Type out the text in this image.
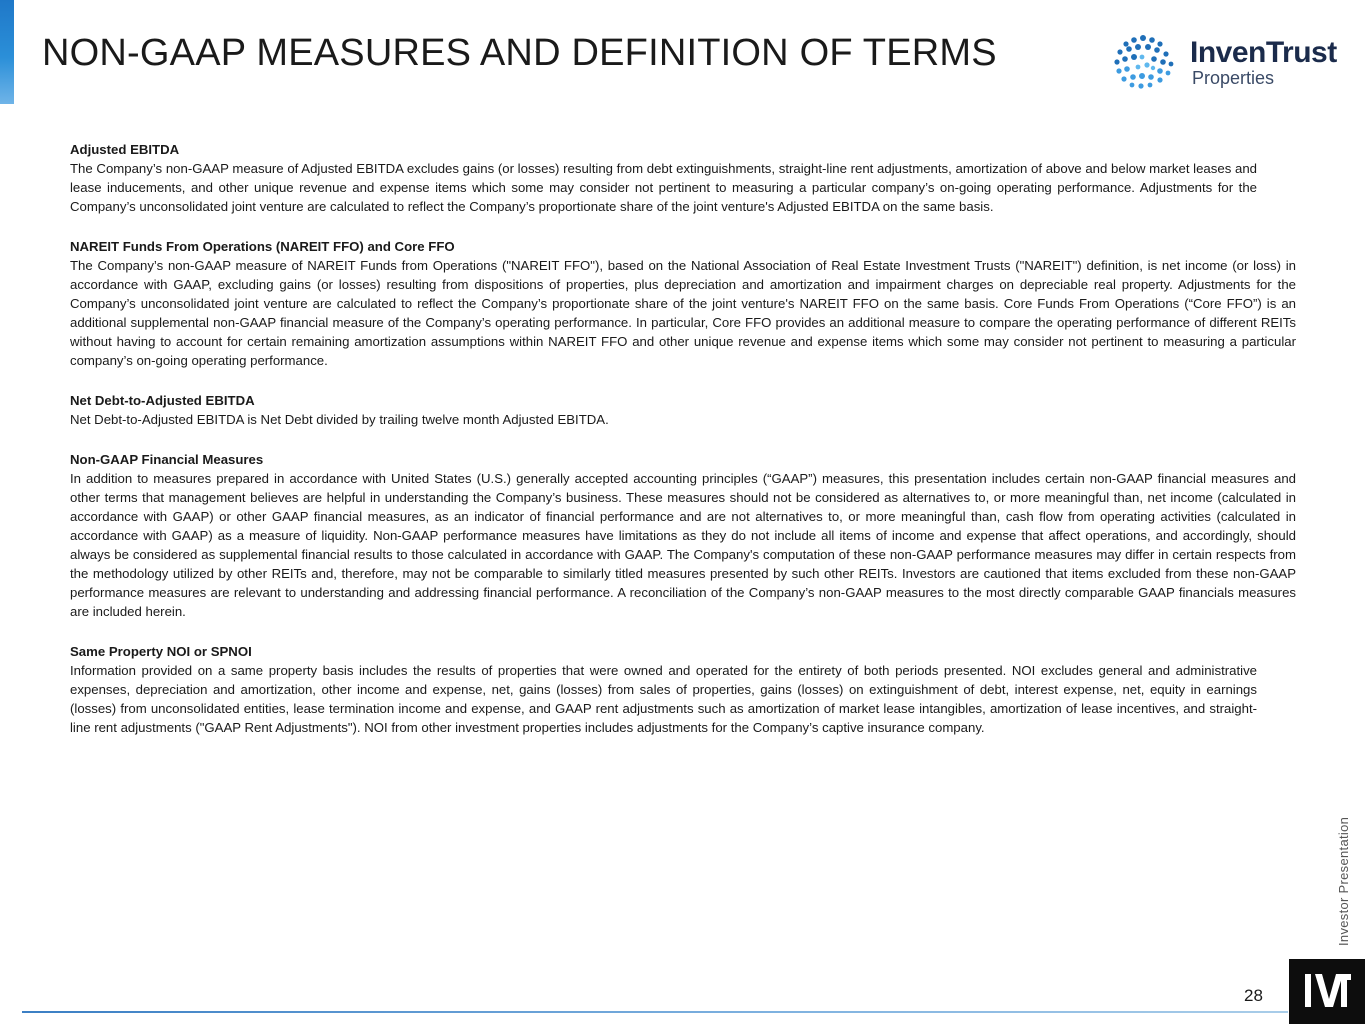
NON-GAAP MEASURES AND DEFINITION OF TERMS	InvenTrust
Properties
Adjusted EBITDA

The Company’s non-GAAP measure of Adjusted EBITDA excludes gains (or losses) resulting from debt extinguishments, straight-line rent adjustments, amortization of above and below market leases and lease inducements, and other unique revenue and expense items which some may consider not pertinent to measuring a particular company’s on-going operating performance. Adjustments for the Company’s unconsolidated joint venture are calculated to reflect the Company’s proportionate share of the joint venture's Adjusted EBITDA on the same basis.

NAREIT Funds From Operations (NAREIT FFO) and Core FFO

The Company’s non-GAAP measure of NAREIT Funds from Operations ("NAREIT FFO"), based on the National Association of Real Estate Investment Trusts ("NAREIT") definition, is net income (or loss) in accordance with GAAP, excluding gains (or losses) resulting from dispositions of properties, plus depreciation and amortization and impairment charges on depreciable real property. Adjustments for the Company’s unconsolidated joint venture are calculated to reflect the Company’s proportionate share of the joint venture's NAREIT FFO on the same basis. Core Funds From Operations (“Core FFO”) is an additional supplemental non-GAAP financial measure of the Company’s operating performance. In particular, Core FFO provides an additional measure to compare the operating performance of different REITs without having to account for certain remaining amortization assumptions within NAREIT FFO and other unique revenue and expense items which some may consider not pertinent to measuring a particular company’s on-going operating performance.

Net Debt-to-Adjusted EBITDA

Net Debt-to-Adjusted EBITDA is Net Debt divided by trailing twelve month Adjusted EBITDA.

Non-GAAP Financial Measures

In addition to measures prepared in accordance with United States (U.S.) generally accepted accounting principles (“GAAP”) measures, this presentation includes certain non-GAAP financial measures and other terms that management believes are helpful in understanding the Company’s business. These measures should not be considered as alternatives to, or more meaningful than, net income (calculated in accordance with GAAP) or other GAAP financial measures, as an indicator of financial performance and are not alternatives to, or more meaningful than, cash flow from operating activities (calculated in accordance with GAAP) as a measure of liquidity. Non-GAAP performance measures have limitations as they do not include all items of income and expense that affect operations, and accordingly, should always be considered as supplemental financial results to those calculated in accordance with GAAP. The Company's computation of these non-GAAP performance measures may differ in certain respects from the methodology utilized by other REITs and, therefore, may not be comparable to similarly titled measures presented by such other REITs. Investors are cautioned that items excluded from these non-GAAP performance measures are relevant to understanding and addressing financial performance. A reconciliation of the Company’s non-GAAP measures to the most directly comparable GAAP financials measures are included herein.

Same Property NOI or SPNOI

Information provided on a same property basis includes the results of properties that were owned and operated for the entirety of both periods presented. NOI excludes general and administrative expenses, depreciation and amortization, other income and expense, net, gains (losses) from sales of properties, gains (losses) on extinguishment of debt, interest expense, net, equity in earnings (losses) from unconsolidated entities, lease termination income and expense, and GAAP rent adjustments such as amortization of market lease intangibles, amortization of lease incentives, and straight-line rent adjustments ("GAAP Rent Adjustments"). NOI from other investment properties includes adjustments for the Company’s captive insurance company.

Investor Presentation
28
